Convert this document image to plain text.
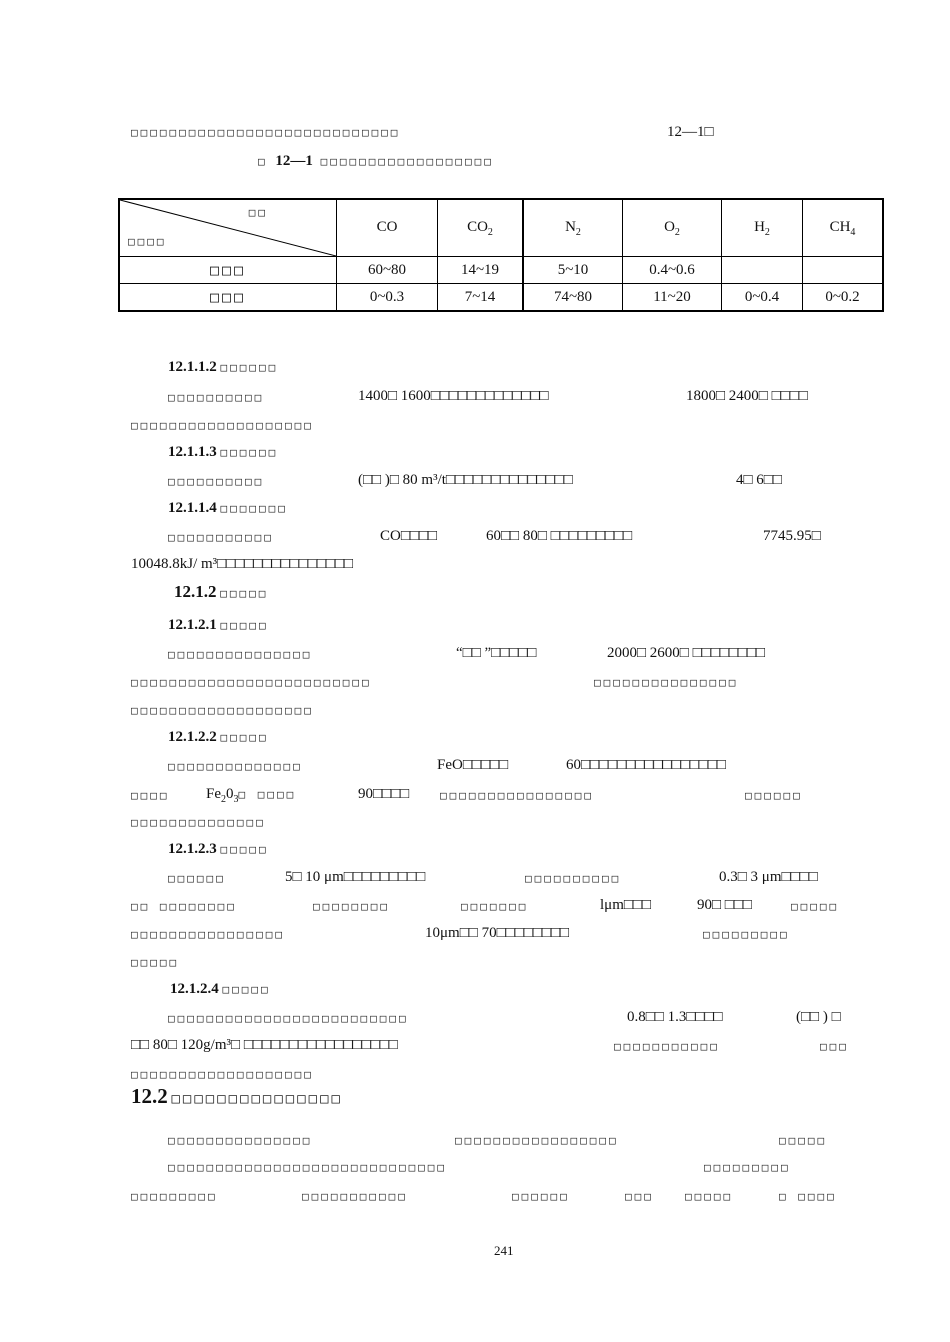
□□□□□□□□□□□□□□□□□□□□□□□□□□□□	12—1□
□ 12—1 □□□□□□□□□□□□□□□□□□
□□
□□□□	CO	$CO_2$	$N_2$	$O_2$	$H_2$	$CH_4$
□□□	60~80	14~19	5~10	0.4~0.6		
□□□	0~0.3	7~14	74~80	11~20	0~0.4	0~0.2
12.1.1.2 □□□□□□
□□□□□□□□□□	1400□ 1600□□□□□□□□□□□□□	1800□ 2400□ □□□□
□□□□□□□□□□□□□□□□□□□
12.1.1.3 □□□□□□
□□□□□□□□□□	(□□ )□ 80 m³/t□□□□□□□□□□□□□□	4□ 6□□
12.1.1.4 □□□□□□□
□□□□□□□□□□□	CO□□□□	60□□ 80□ □□□□□□□□□	7745.95□
10048.8kJ/ m³□□□□□□□□□□□□□□□
12.1.2 □□□□□
12.1.2.1 □□□□□
□□□□□□□□□□□□□□□	“□□ ”□□□□□	2000□ 2600□ □□□□□□□□
□□□□□□□□□□□□□□□□□□□□□□□□□	□□□□□□□□□□□□□□□
□□□□□□□□□□□□□□□□□□□
12.1.2.2 □□□□□
□□□□□□□□□□□□□□	FeO□□□□□	60□□□□□□□□□□□□□□□□
□□□□ $Fe_20_3□$ □□□□	90□□□□	□□□□□□□□□□□□□□□□	□□□□□□
□□□□□□□□□□□□□□
12.1.2.3 □□□□□
□□□□□□	5□ 10 μm□□□□□□□□□	□□□□□□□□□□	0.3□ 3 μm□□□□
□□ □□□□□□□□	□□□□□□□□	□□□□□□□	lμm□□□	90□ □□□	□□□□□
□□□□□□□□□□□□□□□□	10μm□□ 70□□□□□□□□	□□□□□□□□□
□□□□□
12.1.2.4 □□□□□
□□□□□□□□□□□□□□□□□□□□□□□□□	0.8□□ 1.3□□□□	(□□ ) □
□□ 80□ 120g/m³□ □□□□□□□□□□□□□□□□□	□□□□□□□□□□□	□□□
□□□□□□□□□□□□□□□□□□□
12.2 □□□□□□□□□□□□□□□
□□□□□□□□□□□□□□□	□□□□□□□□□□□□□□□□□	□□□□□
□□□□□□□□□□□□□□□□□□□□□□□□□□□□□	□□□□□□□□□
□□□□□□□□□	□□□□□□□□□□□	□□□□□□	□□□	□□□□□	□ □□□□
241
